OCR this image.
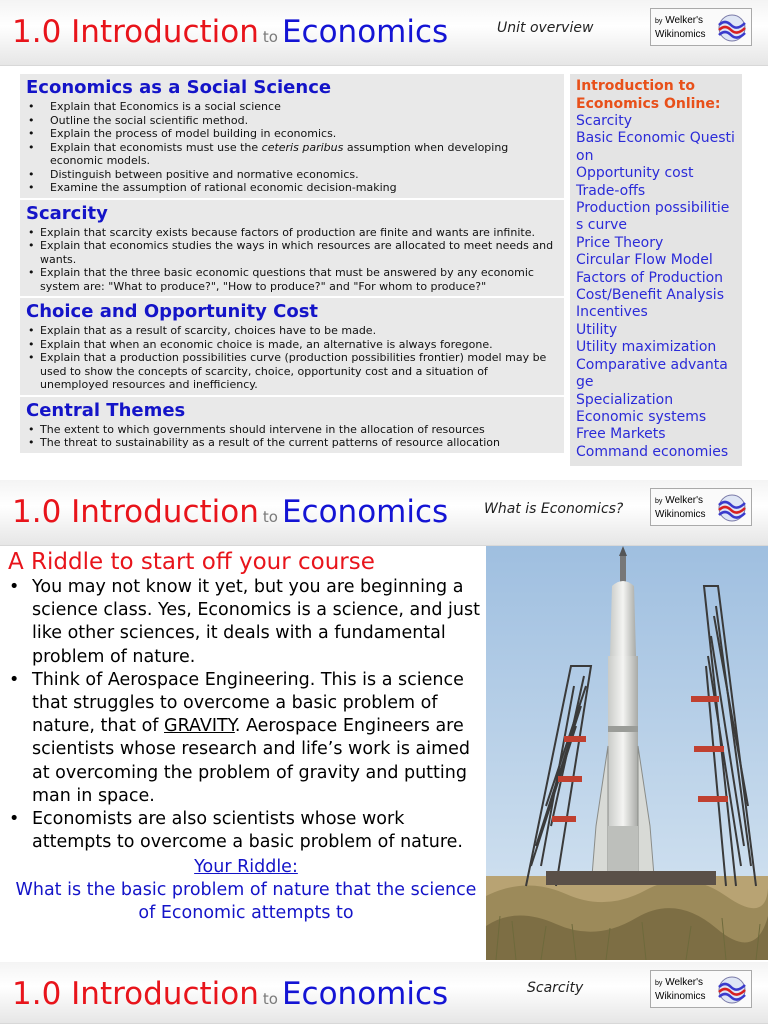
1.0 Introduction to Economics	Unit overview	by Welker's
Wikinomics
Economics as a Social Science
• Explain that Economics is a social science
• Outline the social scientific method.
• Explain the process of model building in economics.
• Explain that economists must use the ceteris paribus assumption when developing economic models.
• Distinguish between positive and normative economics.
• Examine the assumption of rational economic decision-making
Scarcity
• Explain that scarcity exists because factors of production are finite and wants are infinite.
• Explain that economics studies the ways in which resources are allocated to meet needs and wants.
• Explain that the three basic economic questions that must be answered by any economic system are: "What to produce?", "How to produce?" and "For whom to produce?"
Choice and Opportunity Cost
• Explain that as a result of scarcity, choices have to be made.
• Explain that when an economic choice is made, an alternative is always foregone.
• Explain that a production possibilities curve (production possibilities frontier) model may be used to show the concepts of scarcity, choice, opportunity cost and a situation of unemployed resources and inefficiency.
Central Themes
• The extent to which governments should intervene in the allocation of resources
• The threat to sustainability as a result of the current patterns of resource allocation
Introduction to Economics Online:
Scarcity
Basic Economic Question
Opportunity cost
Trade-offs
Production possibilities curve
Price Theory
Circular Flow Model
Factors of Production
Cost/Benefit Analysis
Incentives
Utility
Utility maximization
Comparative advantage
Specialization
Economic systems
Free Markets
Command economies
1.0 Introduction to Economics	What is Economics?	by Welker's
Wikinomics
A Riddle to start off your course
• You may not know it yet, but you are beginning a science class. Yes, Economics is a science, and just like other sciences, it deals with a fundamental problem of nature.
• Think of Aerospace Engineering. This is a science that struggles to overcome a basic problem of nature, that of GRAVITY. Aerospace Engineers are scientists whose research and life’s work is aimed at overcoming the problem of gravity and putting man in space.
• Economists are also scientists whose work attempts to overcome a basic problem of nature.
Your Riddle:
What is the basic problem of nature that the science of Economic attempts to
1.0 Introduction to Economics	Scarcity	by Welker's
Wikinomics
